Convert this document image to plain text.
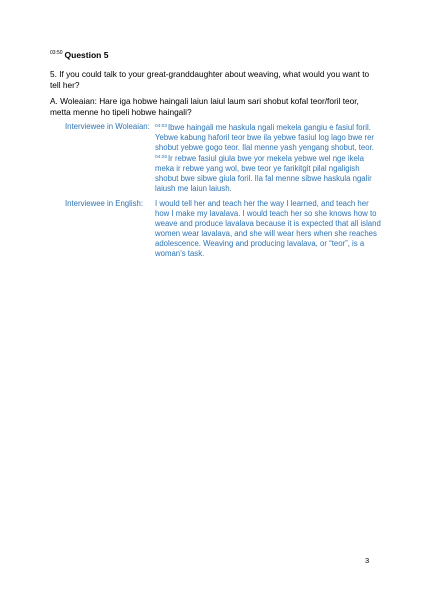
$^{03:50}$ Question 5
5. If you could talk to your great-granddaughter about weaving, what would you want to tell her?
A. Woleaian: Hare iga hobwe haingali laiun laiul laum sari shobut kofal teor/foril teor, metta menne ho tipeli hobwe haingali?
Interviewee in Woleaian: $^{04:03}$Ibwe haingali me haskula ngali mekela gangiu e fasiul foril. Yebwe kabung haforil teor bwe ila yebwe fasiul log lago bwe rer shobut yebwe gogo teor. Ilal menne yash yengang shobut, teor. $^{04:26}$Ir rebwe fasiul giula bwe yor mekela yebwe wel nge ikela meka ir rebwe yang wol, bwe teor ye farikitgit pilal ngaligish shobut bwe sibwe giula foril. Ila fal menne sibwe haskula ngalir laiush me laiun laiush.
Interviewee in English: I would tell her and teach her the way I learned, and teach her how I make my lavalava. I would teach her so she knows how to weave and produce lavalava because it is expected that all island women wear lavalava, and she will wear hers when she reaches adolescence. Weaving and producing lavalava, or “teor”, is a woman’s task.
3
